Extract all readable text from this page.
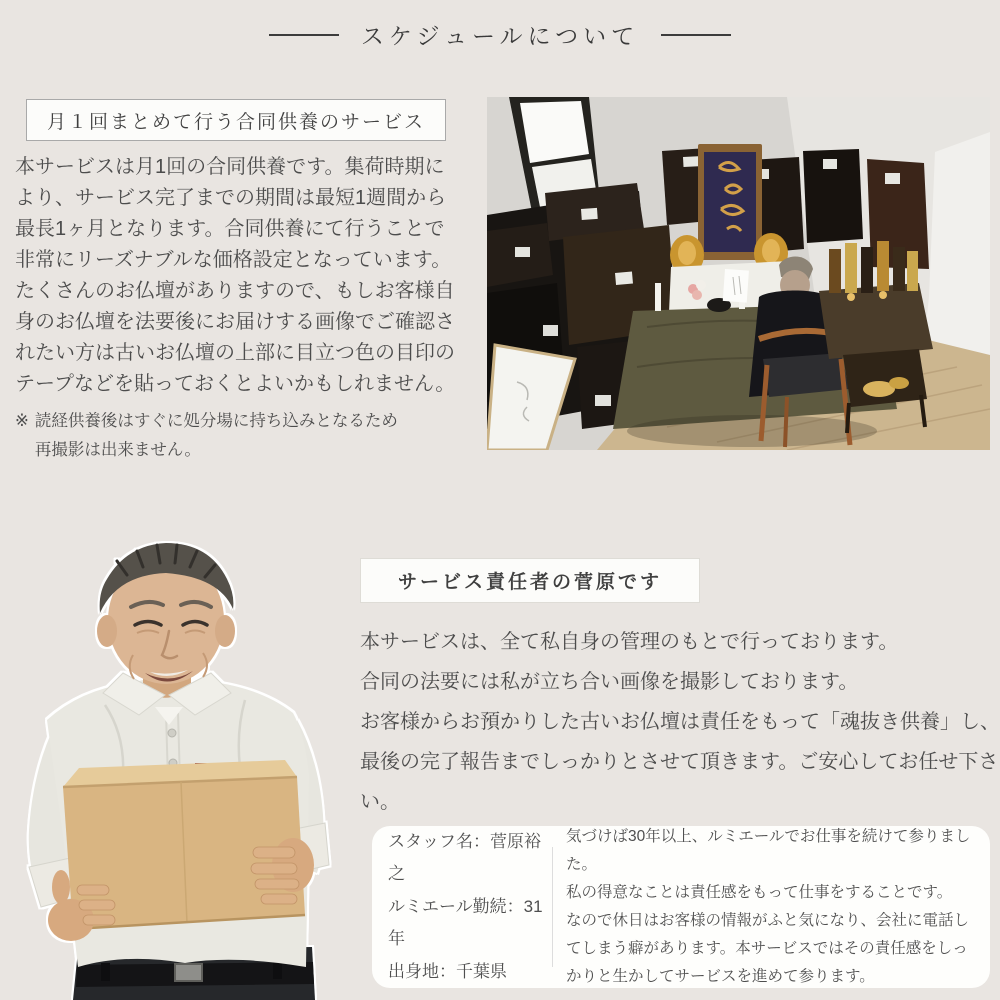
スケジュールについて
月１回まとめて行う合同供養のサービス
本サービスは月1回の合同供養です。集荷時期により、サービス完了までの期間は最短1週間から最長1ヶ月となります。合同供養にて行うことで非常にリーズナブルな価格設定となっています。たくさんのお仏壇がありますので、もしお客様自身のお仏壇を法要後にお届けする画像でご確認されたい方は古いお仏壇の上部に目立つ色の目印のテープなどを貼っておくとよいかもしれません。
※ 読経供養後はすぐに処分場に持ち込みとなるため再撮影は出来ません。
サービス責任者の菅原です
本サービスは、全て私自身の管理のもとで行っております。
合同の法要には私が立ち合い画像を撮影しております。
お客様からお預かりした古いお仏壇は責任をもって「魂抜き供養」し、
最後の完了報告までしっかりとさせて頂きます。ご安心してお任せ下さい。
スタッフ名：菅原裕之
ルミエール勤続：31年
出身地：千葉県
気づけば30年以上、ルミエールでお仕事を続けて参りました。
私の得意なことは責任感をもって仕事をすることです。
なので休日はお客様の情報がふと気になり、会社に電話してしまう癖があります。本サービスではその責任感をしっかりと生かしてサービスを進めて参ります。
